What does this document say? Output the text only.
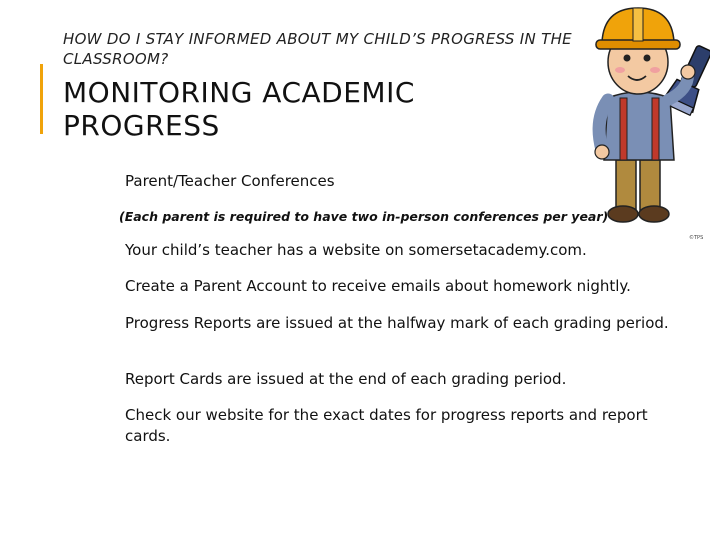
HOW DO I STAY INFORMED ABOUT MY CHILD’S PROGRESS IN THE CLASSROOM?
MONITORING ACADEMIC PROGRESS
Parent/Teacher Conferences
(Each parent is required to have two in-person conferences per year)
Your child’s teacher has a website on somersetacademy.com.
Create a Parent Account to receive emails about homework nightly.
Progress Reports are issued at the halfway mark of each grading period.
Report Cards are issued at the end of each grading period.
Check our website for the exact dates for progress reports and report cards.
©TPS
